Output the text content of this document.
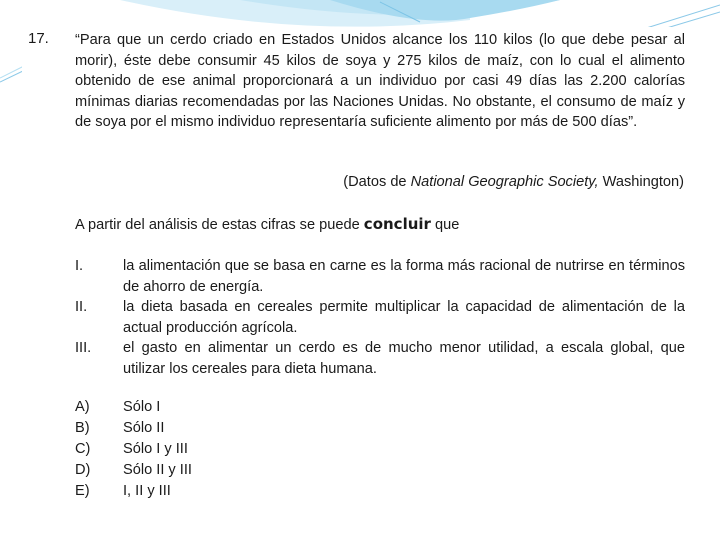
17. “Para que un cerdo criado en Estados Unidos alcance los 110 kilos (lo que debe pesar al morir), éste debe consumir 45 kilos de soya y 275 kilos de maíz, con lo cual el alimento obtenido de ese animal proporcionará a un individuo por casi 49 días las 2.200 calorías mínimas diarias recomendadas por las Naciones Unidas. No obstante, el consumo de maíz y de soya por el mismo individuo representaría suficiente alimento por más de 500 días”.
(Datos de National Geographic Society, Washington)
A partir del análisis de estas cifras se puede concluir que
I.	la alimentación que se basa en carne es la forma más racional de nutrirse en términos de ahorro de energía.
II. la dieta basada en cereales permite multiplicar la capacidad de alimentación de la actual producción agrícola.
III. el gasto en alimentar un cerdo es de mucho menor utilidad, a escala global, que utilizar los cereales para dieta humana.
A) Sólo I
B) Sólo II
C) Sólo I y III
D) Sólo II y III
E) I, II y III
